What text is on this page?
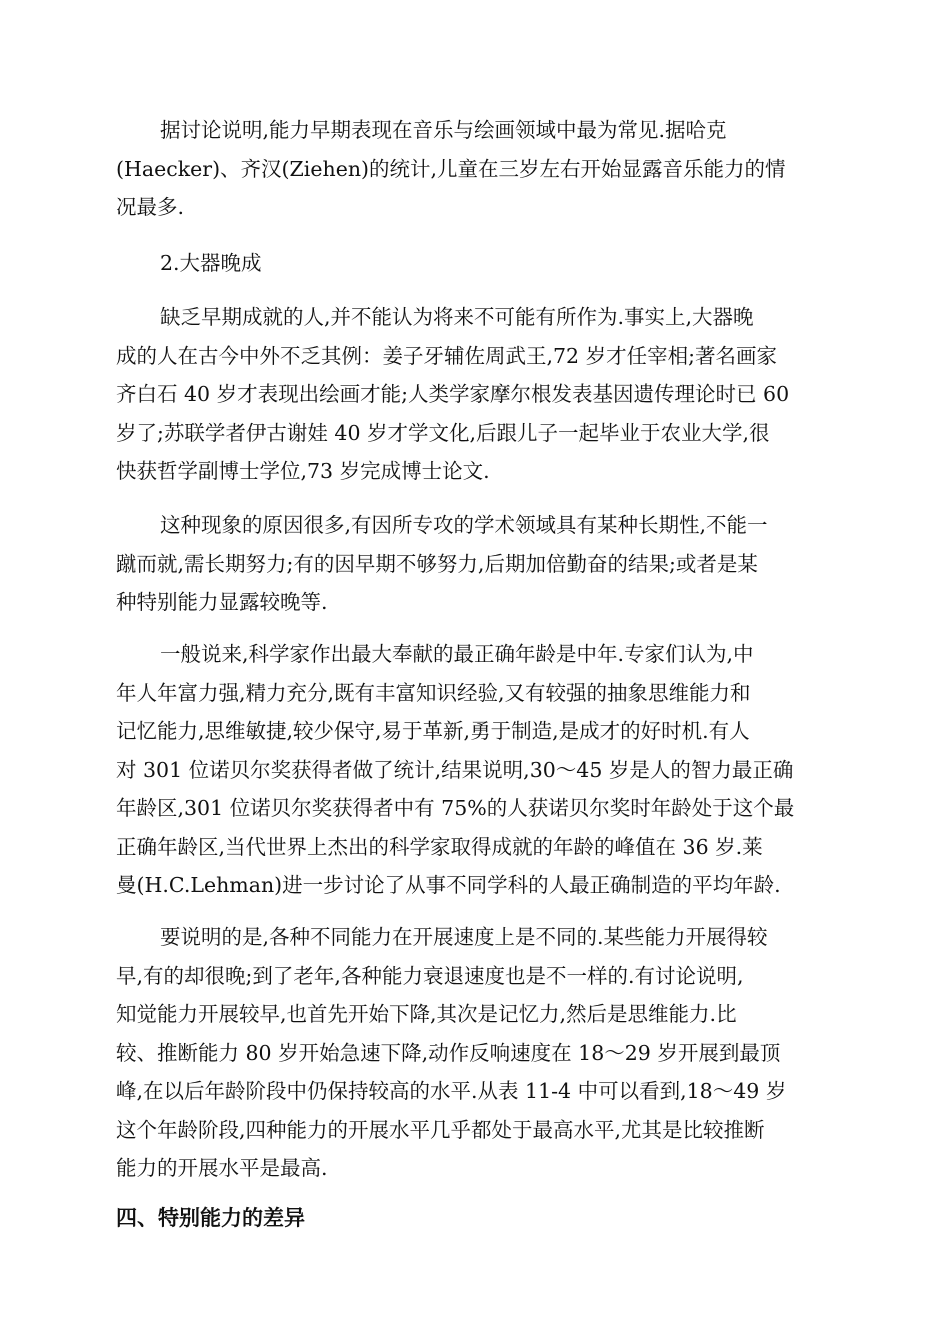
据讨论说明,能力早期表现在音乐与绘画领域中最为常见.据哈克
(Haecker)、齐汉(Ziehen)的统计,儿童在三岁左右开始显露音乐能力的情
况最多.
2.大器晚成
缺乏早期成就的人,并不能认为将来不可能有所作为.事实上,大器晚
成的人在古今中外不乏其例：姜子牙辅佐周武王,72 岁才任宰相;著名画家
齐白石 40 岁才表现出绘画才能;人类学家摩尔根发表基因遗传理论时已 60
岁了;苏联学者伊古谢娃 40 岁才学文化,后跟儿子一起毕业于农业大学,很
快获哲学副博士学位,73 岁完成博士论文.
这种现象的原因很多,有因所专攻的学术领域具有某种长期性,不能一
蹴而就,需长期努力;有的因早期不够努力,后期加倍勤奋的结果;或者是某
种特别能力显露较晚等.
一般说来,科学家作出最大奉献的最正确年龄是中年.专家们认为,中
年人年富力强,精力充分,既有丰富知识经验,又有较强的抽象思维能力和
记忆能力,思维敏捷,较少保守,易于革新,勇于制造,是成才的好时机.有人
对 301 位诺贝尔奖获得者做了统计,结果说明,30～45 岁是人的智力最正确
年龄区,301 位诺贝尔奖获得者中有 75%的人获诺贝尔奖时年龄处于这个最
正确年龄区,当代世界上杰出的科学家取得成就的年龄的峰值在 36 岁.莱
曼(H.C.Lehman)进一步讨论了从事不同学科的人最正确制造的平均年龄.
要说明的是,各种不同能力在开展速度上是不同的.某些能力开展得较
早,有的却很晚;到了老年,各种能力衰退速度也是不一样的.有讨论说明,
知觉能力开展较早,也首先开始下降,其次是记忆力,然后是思维能力.比
较、推断能力 80 岁开始急速下降,动作反响速度在 18～29 岁开展到最顶
峰,在以后年龄阶段中仍保持较高的水平.从表 11-4 中可以看到,18～49 岁
这个年龄阶段,四种能力的开展水平几乎都处于最高水平,尤其是比较推断
能力的开展水平是最高.
四、特别能力的差异
